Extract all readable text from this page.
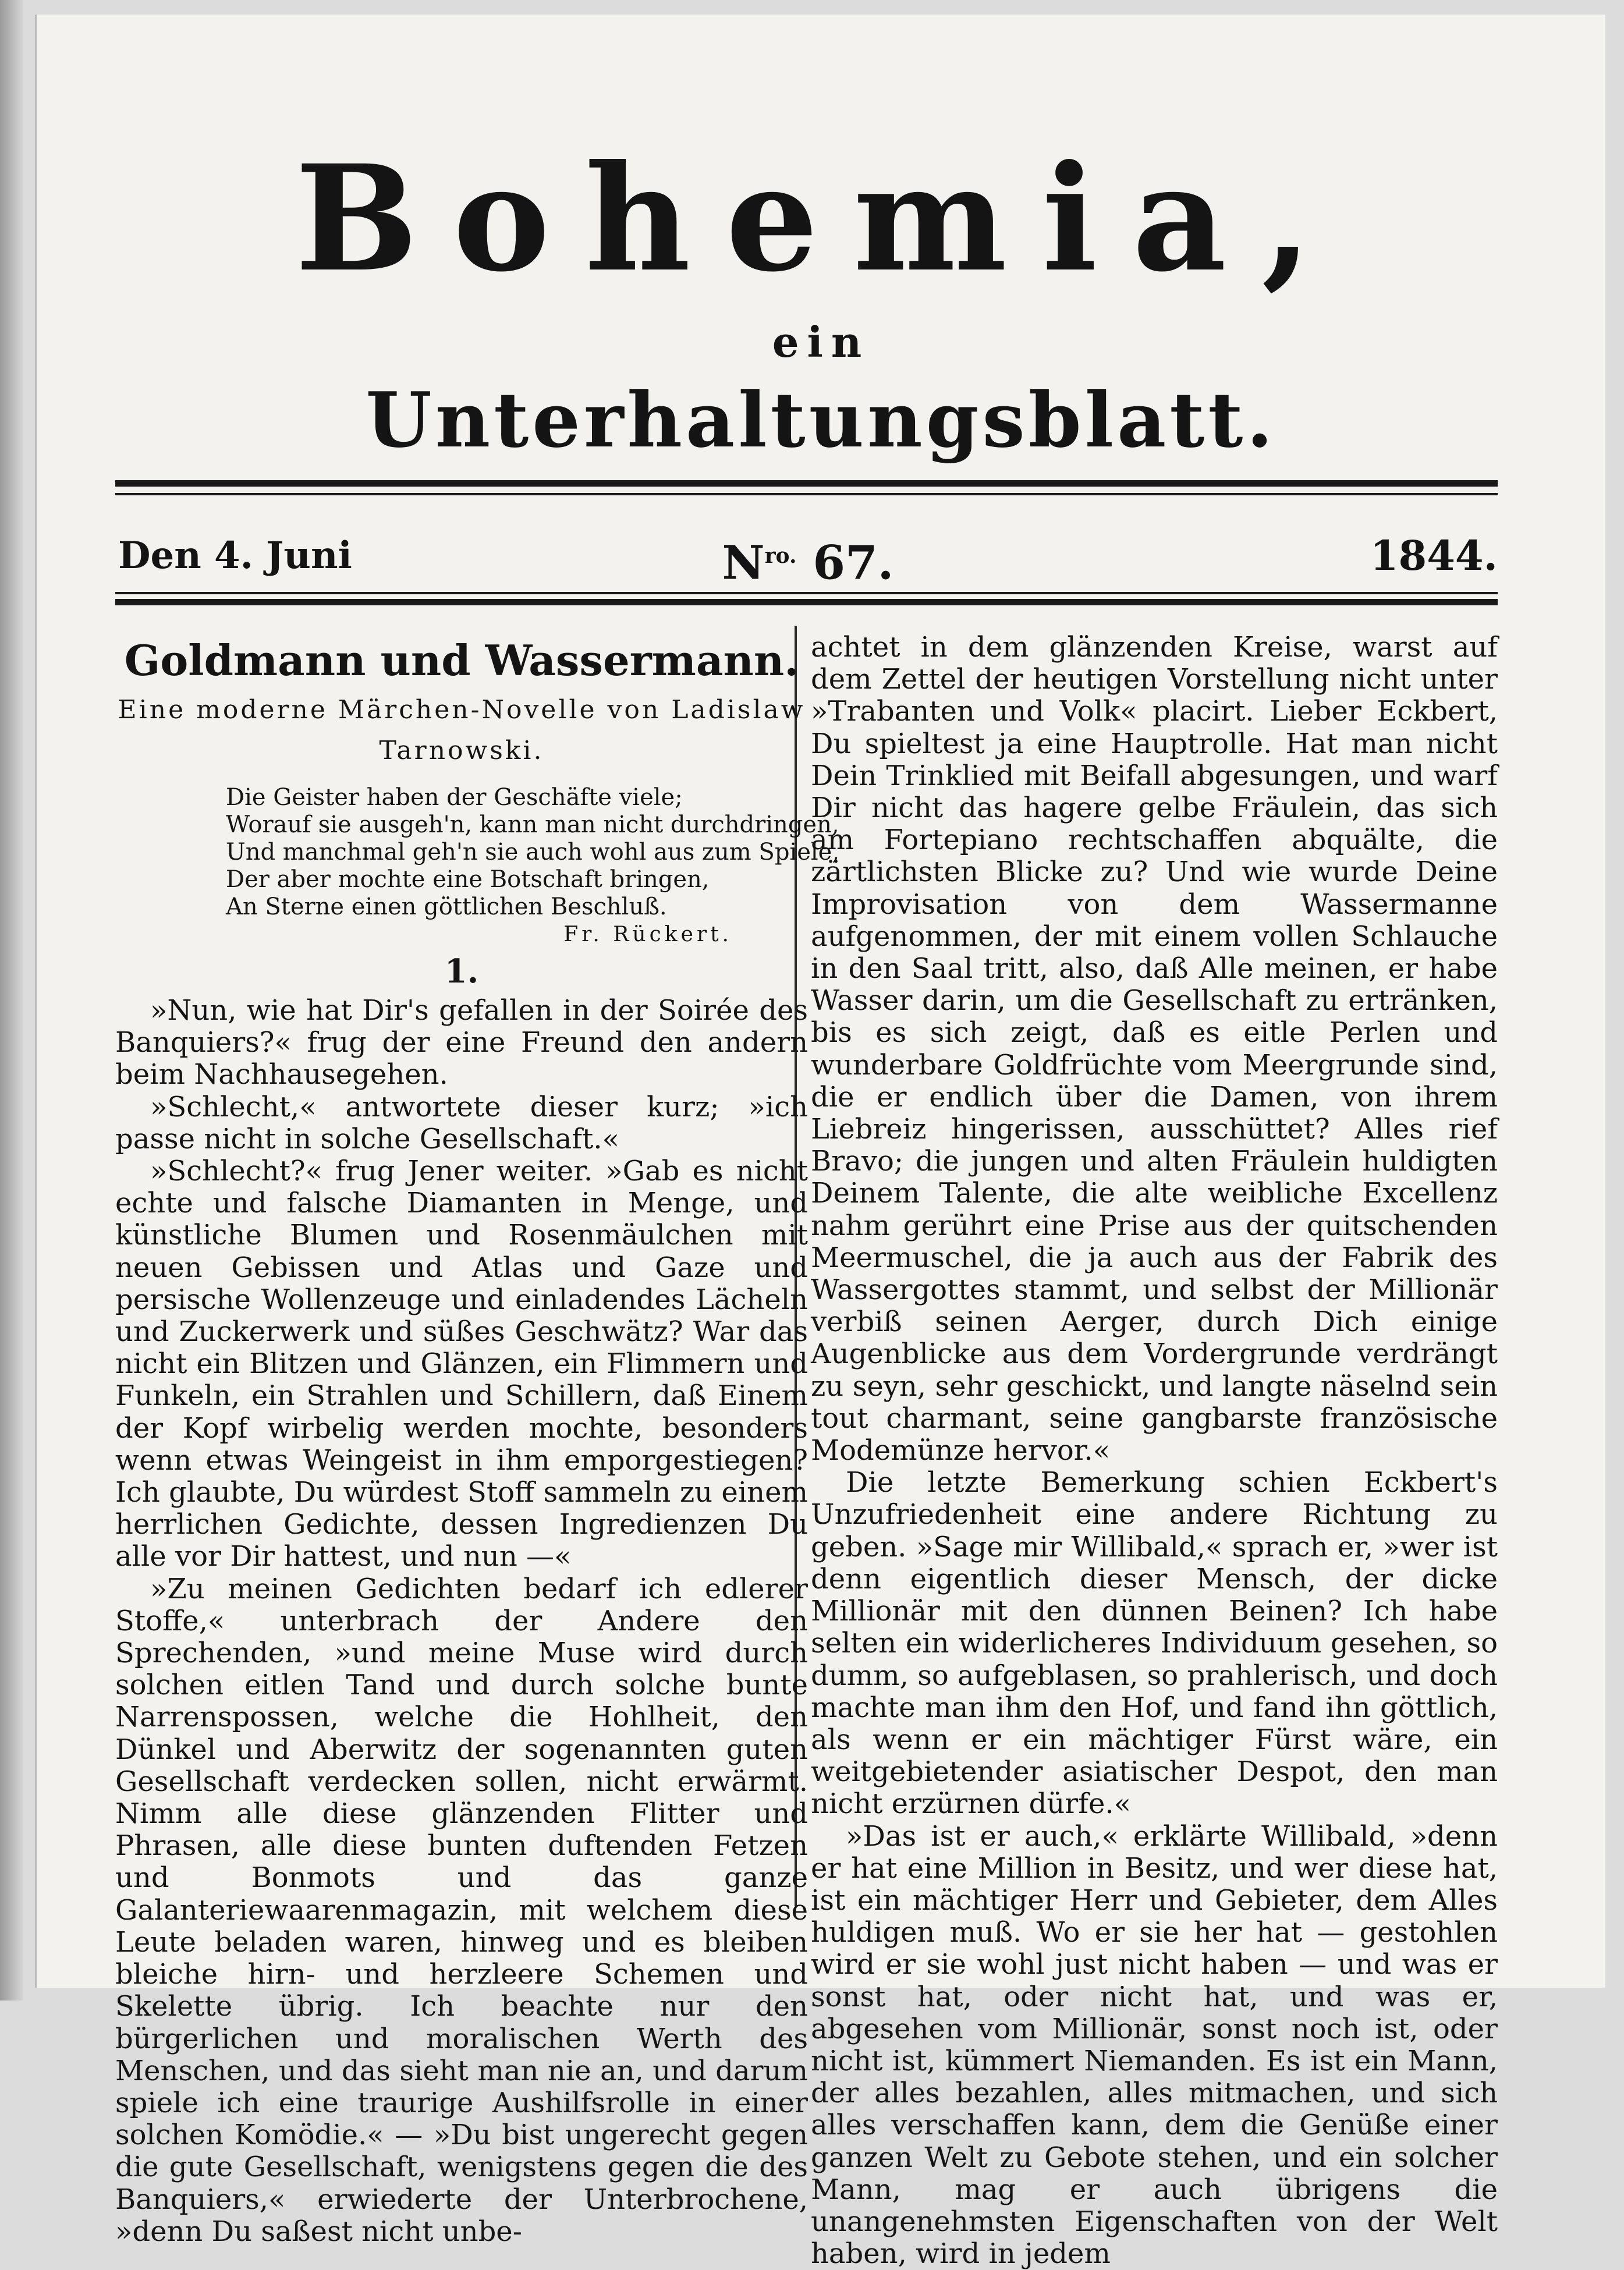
Bohemia,
ein
Unterhaltungsblatt.
Den 4. Juni	$N^{ro.}$ 67.	1844.
Goldmann und Wassermann.
Eine moderne Märchen-Novelle von Ladislaw Tarnowski.
Die Geister haben der Geschäfte viele;
Worauf sie ausgeh'n, kann man nicht durchdringen,
Und manchmal geh'n sie auch wohl aus zum Spiele,
Der aber mochte eine Botschaft bringen,
An Sterne einen göttlichen Beschluß.
Fr. Rückert.
1.

»Nun, wie hat Dir's gefallen in der Soirée des Banquiers?« frug der eine Freund den andern beim Nachhausegehen.

»Schlecht,« antwortete dieser kurz; »ich passe nicht in solche Gesellschaft.«

»Schlecht?« frug Jener weiter. »Gab es nicht echte und falsche Diamanten in Menge, und künstliche Blumen und Rosenmäulchen mit neuen Gebissen und Atlas und Gaze und persische Wollenzeuge und einladendes Lächeln und Zuckerwerk und süßes Geschwätz? War das nicht ein Blitzen und Glänzen, ein Flimmern und Funkeln, ein Strahlen und Schillern, daß Einem der Kopf wirbelig werden mochte, besonders wenn etwas Weingeist in ihm emporgestiegen? Ich glaubte, Du würdest Stoff sammeln zu einem herrlichen Gedichte, dessen Ingredienzen Du alle vor Dir hattest, und nun —«

»Zu meinen Gedichten bedarf ich edlerer Stoffe,« unterbrach der Andere den Sprechenden, »und meine Muse wird durch solchen eitlen Tand und durch solche bunte Narrenspossen, welche die Hohlheit, den Dünkel und Aberwitz der sogenannten guten Gesellschaft verdecken sollen, nicht erwärmt. Nimm alle diese glänzenden Flitter und Phrasen, alle diese bunten duftenden Fetzen und Bonmots und das ganze Galanteriewaarenmagazin, mit welchem diese Leute beladen waren, hinweg und es bleiben bleiche hirn- und herzleere Schemen und Skelette übrig. Ich beachte nur den bürgerlichen und moralischen Werth des Menschen, und das sieht man nie an, und darum spiele ich eine traurige Aushilfsrolle in einer solchen Komödie.« — »Du bist ungerecht gegen die gute Gesellschaft, wenigstens gegen die des Banquiers,« erwiederte der Unterbrochene, »denn Du saßest nicht unbe-

achtet in dem glänzenden Kreise, warst auf dem Zettel der heutigen Vorstellung nicht unter »Trabanten und Volk« placirt. Lieber Eckbert, Du spieltest ja eine Hauptrolle. Hat man nicht Dein Trinklied mit Beifall abgesungen, und warf Dir nicht das hagere gelbe Fräulein, das sich am Fortepiano rechtschaffen abquälte, die zärtlichsten Blicke zu? Und wie wurde Deine Improvisation von dem Wassermanne aufgenommen, der mit einem vollen Schlauche in den Saal tritt, also, daß Alle meinen, er habe Wasser darin, um die Gesellschaft zu ertränken, bis es sich zeigt, daß es eitle Perlen und wunderbare Goldfrüchte vom Meergrunde sind, die er endlich über die Damen, von ihrem Liebreiz hingerissen, ausschüttet? Alles rief Bravo; die jungen und alten Fräulein huldigten Deinem Talente, die alte weibliche Excellenz nahm gerührt eine Prise aus der quitschenden Meermuschel, die ja auch aus der Fabrik des Wassergottes stammt, und selbst der Millionär verbiß seinen Aerger, durch Dich einige Augenblicke aus dem Vordergrunde verdrängt zu seyn, sehr geschickt, und langte näselnd sein tout charmant, seine gangbarste französische Modemünze hervor.«

Die letzte Bemerkung schien Eckbert's Unzufriedenheit eine andere Richtung zu geben. »Sage mir Willibald,« sprach er, »wer ist denn eigentlich dieser Mensch, der dicke Millionär mit den dünnen Beinen? Ich habe selten ein widerlicheres Individuum gesehen, so dumm, so aufgeblasen, so prahlerisch, und doch machte man ihm den Hof, und fand ihn göttlich, als wenn er ein mächtiger Fürst wäre, ein weitgebietender asiatischer Despot, den man nicht erzürnen dürfe.«

»Das ist er auch,« erklärte Willibald, »denn er hat eine Million in Besitz, und wer diese hat, ist ein mächtiger Herr und Gebieter, dem Alles huldigen muß. Wo er sie her hat — gestohlen wird er sie wohl just nicht haben — und was er sonst hat, oder nicht hat, und was er, abgesehen vom Millionär, sonst noch ist, oder nicht ist, kümmert Niemanden. Es ist ein Mann, der alles bezahlen, alles mitmachen, und sich alles verschaffen kann, dem die Genüße einer ganzen Welt zu Gebote stehen, und ein solcher Mann, mag er auch übrigens die unangenehmsten Eigenschaften von der Welt haben, wird in jedem
